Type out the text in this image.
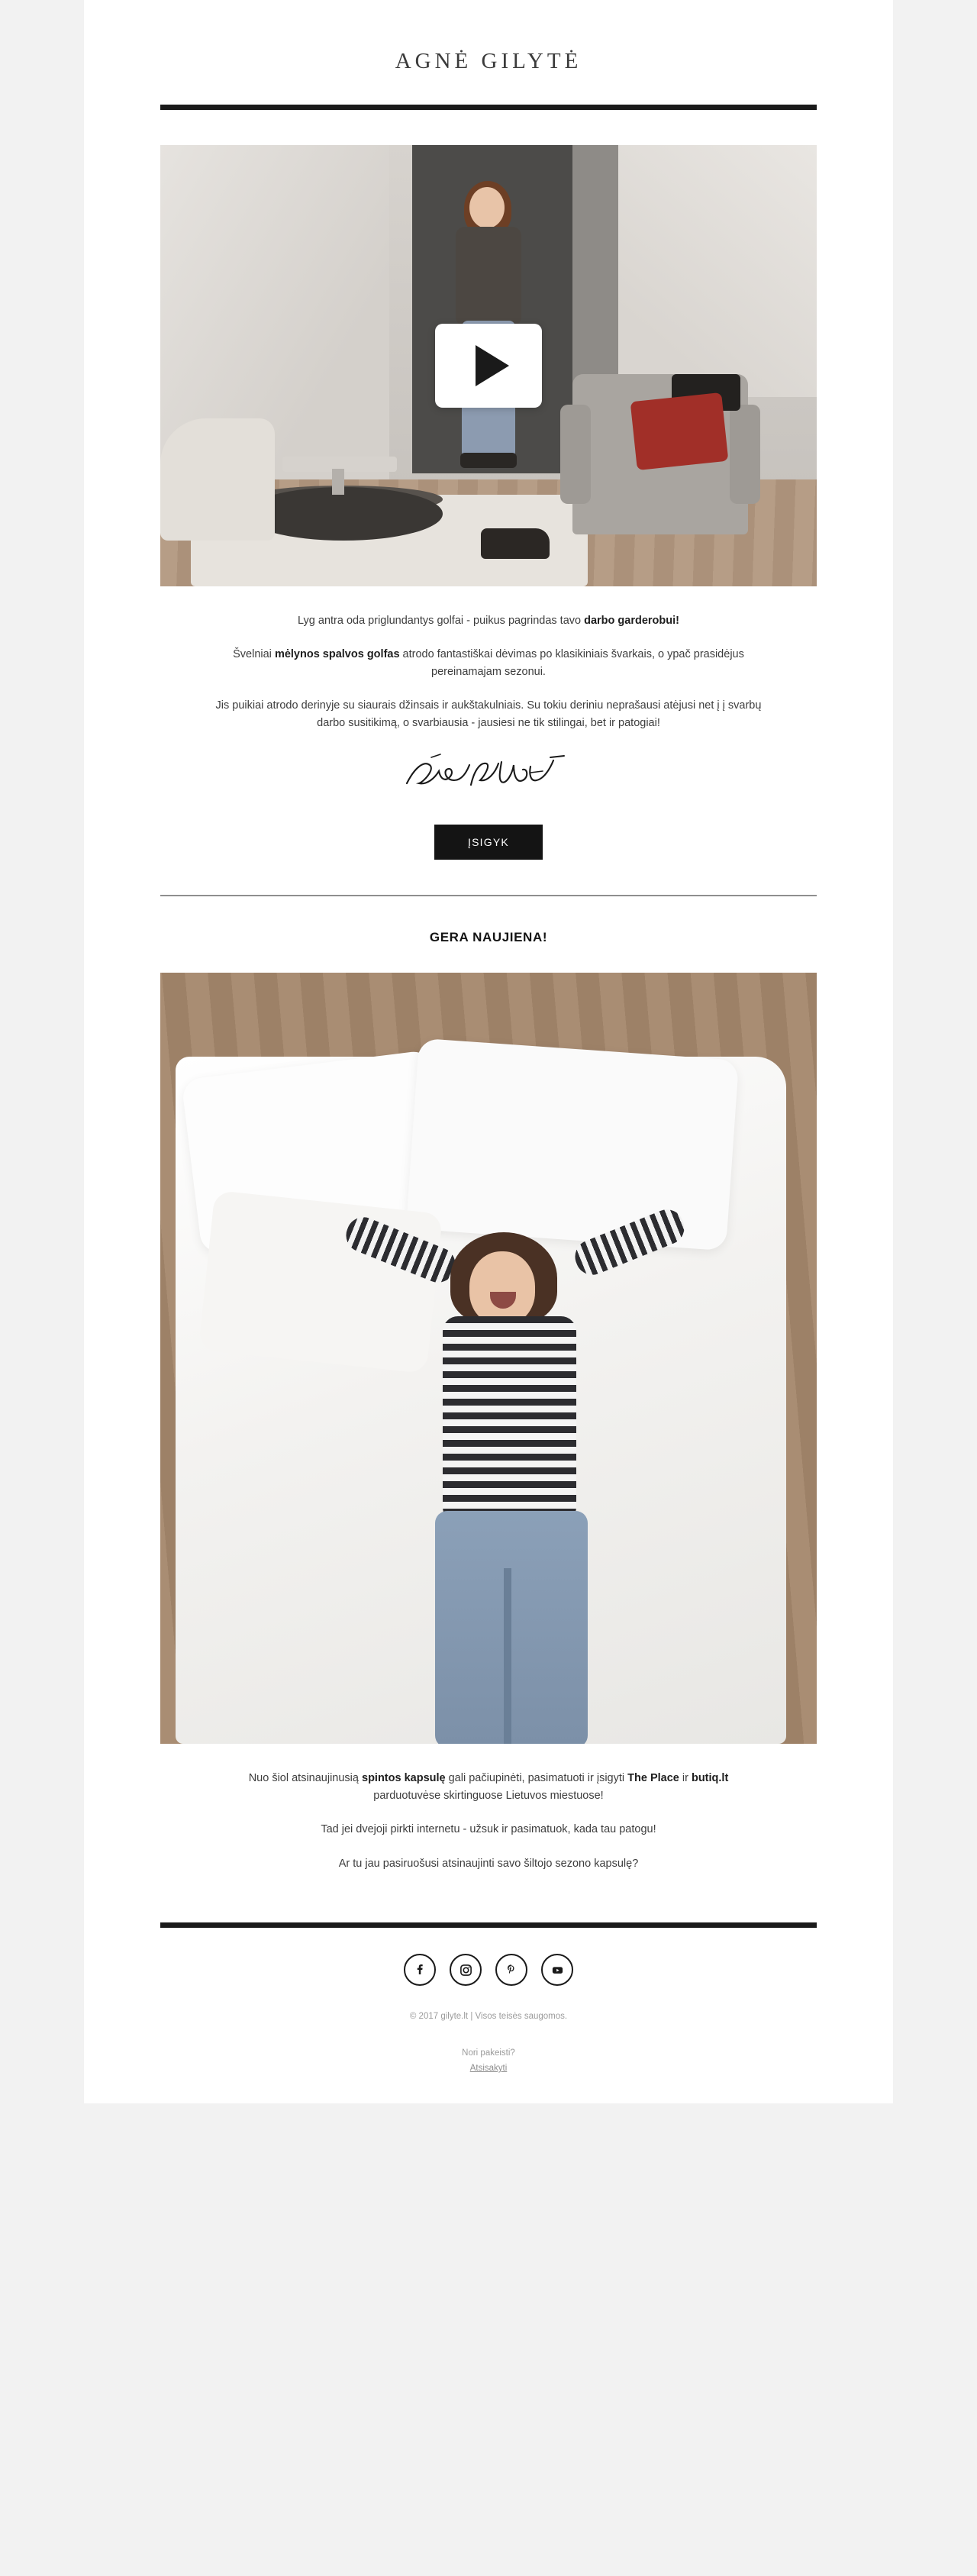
AGNĖ GILYTĖ

Lyg antra oda priglundantys golfai - puikus pagrindas tavo darbo garderobui!

Švelniai mėlynos spalvos golfas atrodo fantastiškai dėvimas po klasikiniais švarkais, o ypač prasidėjus pereinamajam sezonui.

Jis puikiai atrodo derinyje su siaurais džinsais ir aukštakulniais. Su tokiu deriniu neprašausi atėjusi net į į svarbų darbo susitikimą, o svarbiausia - jausiesi ne tik stilingai, bet ir patogiai!

ĮSIGYK
GERA NAUJIENA!

Nuo šiol atsinaujinusią spintos kapsulę gali pačiupinėti, pasimatuoti ir įsigyti The Place ir butiq.lt parduotuvėse skirtinguose Lietuvos miestuose!

Tad jei dvejoji pirkti internetu - užsuk ir pasimatuok, kada tau patogu!

Ar tu jau pasiruošusi atsinaujinti savo šiltojo sezono kapsulę?

© 2017 gilyte.lt | Visos teisės saugomos.

Nori pakeisti?

Atsisakyti
